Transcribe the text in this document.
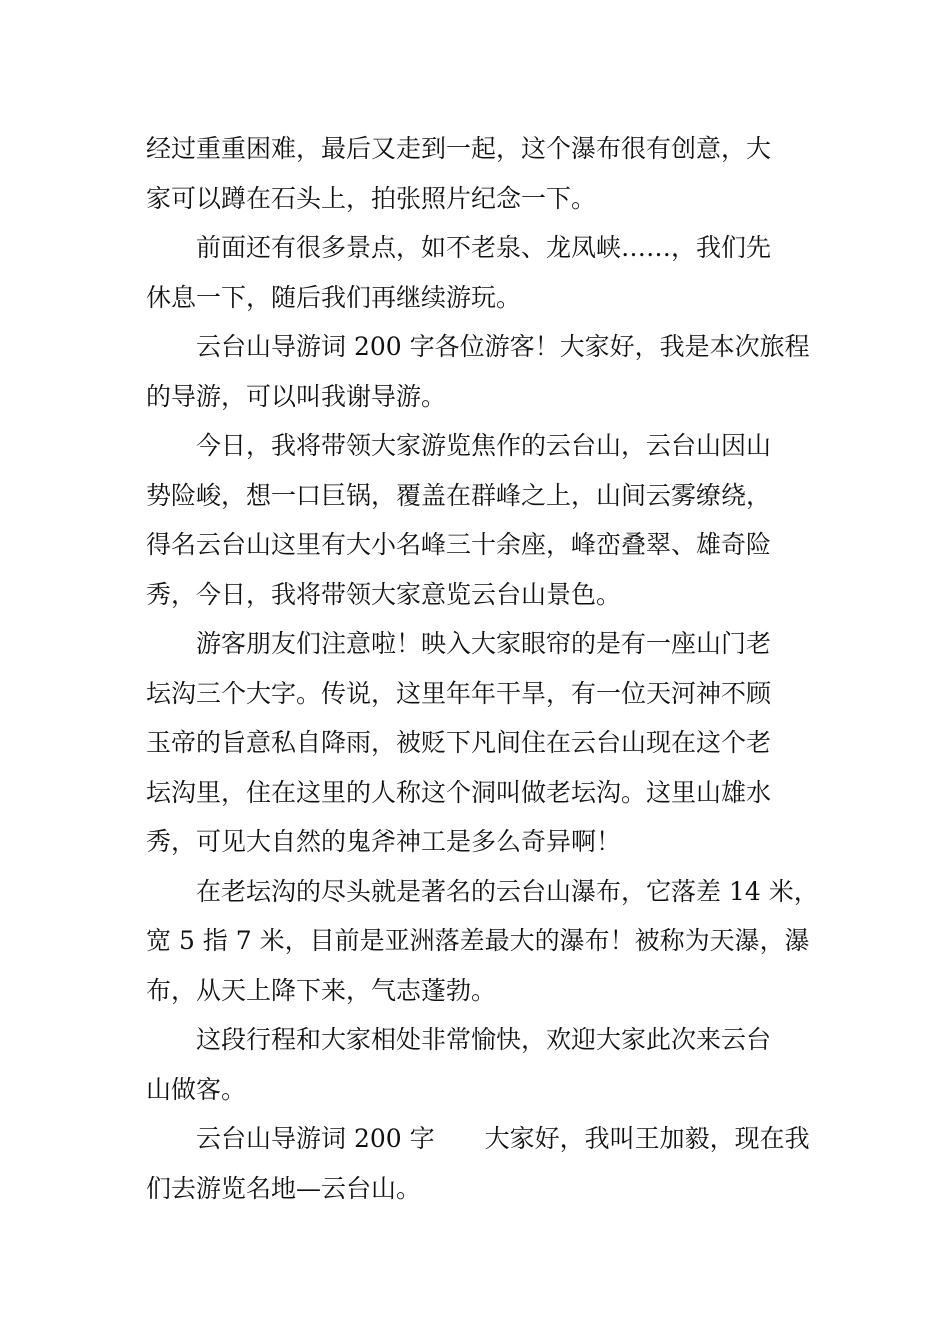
经过重重困难，最后又走到一起，这个瀑布很有创意，大
家可以蹲在石头上，拍张照片纪念一下。
前面还有很多景点，如不老泉、龙凤峡……，我们先
休息一下，随后我们再继续游玩。
云台山导游词 200 字各位游客！大家好，我是本次旅程
的导游，可以叫我谢导游。
今日，我将带领大家游览焦作的云台山，云台山因山
势险峻，想一口巨锅，覆盖在群峰之上，山间云雾缭绕，
得名云台山这里有大小名峰三十余座，峰峦叠翠、雄奇险
秀，今日，我将带领大家意览云台山景色。
游客朋友们注意啦！映入大家眼帘的是有一座山门老
坛沟三个大字。传说，这里年年干旱，有一位天河神不顾
玉帝的旨意私自降雨，被贬下凡间住在云台山现在这个老
坛沟里，住在这里的人称这个洞叫做老坛沟。这里山雄水
秀，可见大自然的鬼斧神工是多么奇异啊！
在老坛沟的尽头就是著名的云台山瀑布，它落差 14 米，
宽 5 指 7 米，目前是亚洲落差最大的瀑布！被称为天瀑，瀑
布，从天上降下来，气志蓬勃。
这段行程和大家相处非常愉快，欢迎大家此次来云台
山做客。
云台山导游词 200 字　　大家好，我叫王加毅，现在我
们去游览名地—云台山。
